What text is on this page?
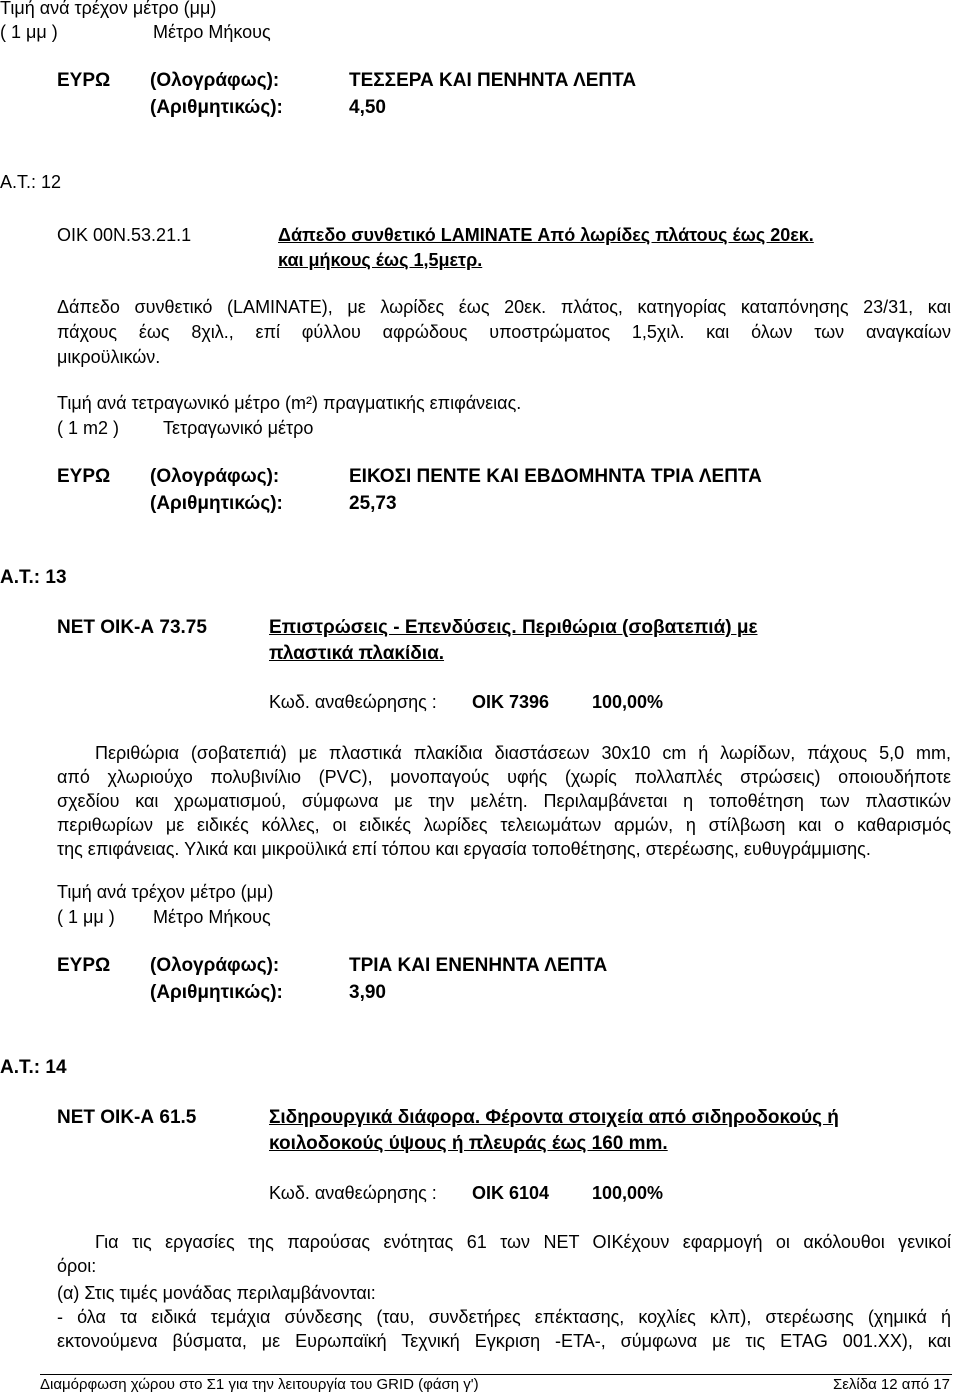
Τιμή ανά τρέχον μέτρο (μμ)
( 1 μμ )	Μέτρο Μήκους
ΕΥΡΩ (Ολογράφως):	ΤΕΣΣΕΡΑ ΚΑΙ ΠΕΝΗΝΤΑ ΛΕΠΤΑ
(Αριθμητικώς):	4,50
Α.Τ.: 12
ΟΙΚ 00Ν.53.21.1	Δάπεδο συνθετικό LAMINATE Από λωρίδες πλάτους έως 20εκ.
και μήκους έως 1,5μετρ.
Δάπεδο συνθετικό (LAMINATE), με λωρίδες έως 20εκ. πλάτος, κατηγορίας καταπόνησης 23/31, και
πάχους έως 8χιλ., επί φύλλου αφρώδους υποστρώματος 1,5χιλ. και όλων των αναγκαίων
μικροϋλικών.
Τιμή ανά τετραγωνικό μέτρο (m²) πραγματικής επιφάνειας.
( 1 m2 ) Τετραγωνικό μέτρο
ΕΥΡΩ (Ολογράφως):	ΕΙΚΟΣΙ ΠΕΝΤΕ ΚΑΙ ΕΒΔΟΜΗΝΤΑ ΤΡΙΑ ΛΕΠΤΑ
(Αριθμητικώς):	25,73
Α.Τ.: 13
ΝΕΤ ΟΙΚ-Α 73.75	Επιστρώσεις - Επενδύσεις. Περιθώρια (σοβατεπιά) με
πλαστικά πλακίδια.
Κωδ. αναθεώρησης : ΟΙΚ 7396 100,00%
Περιθώρια (σοβατεπιά) με πλαστικά πλακίδια διαστάσεων 30x10 cm ή λωρίδων, πάχους 5,0 mm,
από χλωριούχο πολυβινίλιο (PVC), μονοπαγούς υφής (χωρίς πολλαπλές στρώσεις) οποιουδήποτε
σχεδίου και χρωματισμού, σύμφωνα με την μελέτη. Περιλαμβάνεται η τοποθέτηση των πλαστικών
περιθωρίων με ειδικές κόλλες, οι ειδικές λωρίδες τελειωμάτων αρμών, η στίλβωση και ο καθαρισμός
της επιφάνειας. Υλικά και μικροϋλικά επί τόπου και εργασία τοποθέτησης, στερέωσης, ευθυγράμμισης.
Τιμή ανά τρέχον μέτρο (μμ)
( 1 μμ ) Μέτρο Μήκους
ΕΥΡΩ (Ολογράφως):	ΤΡΙΑ ΚΑΙ ΕΝΕΝΗΝΤΑ ΛΕΠΤΑ
(Αριθμητικώς):	3,90
Α.Τ.: 14
ΝΕΤ ΟΙΚ-Α 61.5	Σιδηρουργικά διάφορα. Φέροντα στοιχεία από σιδηροδοκούς ή
κοιλοδοκούς ύψους ή πλευράς έως 160 mm.
Κωδ. αναθεώρησης : ΟΙΚ 6104 100,00%
Για τις εργασίες της παρούσας ενότητας 61 των ΝΕΤ ΟΙΚέχουν εφαρμογή οι ακόλουθοι γενικοί
όροι:
(α) Στις τιμές μονάδας περιλαμβάνονται:
- όλα τα ειδικά τεμάχια σύνδεσης (ταυ, συνδετήρες επέκτασης, κοχλίες κλπ), στερέωσης (χημικά ή
εκτονούμενα βύσματα, με Ευρωπαϊκή Τεχνική Εγκριση -ΕΤΑ-, σύμφωνα με τις ETAG 001.XX), και
Διαμόρφωση χώρου στο Σ1 για την λειτουργία του GRID (φάση γ')	Σελίδα 12 από 17
